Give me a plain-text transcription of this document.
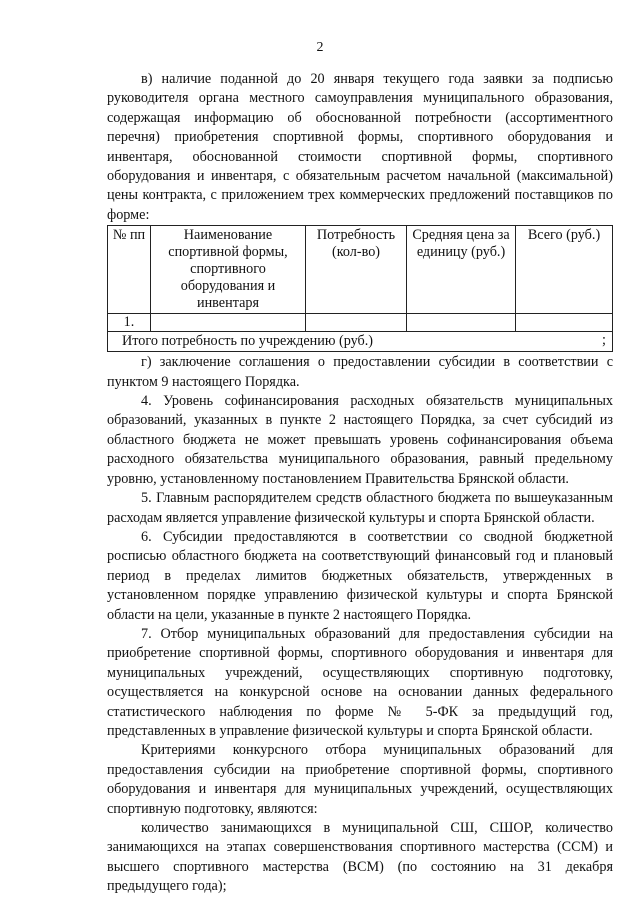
2

в) наличие поданной до 20 января текущего года заявки за подписью руководителя органа местного самоуправления муниципального образования, содержащая информацию об обоснованной потребности (ассортиментного перечня) приобретения спортивной формы, спортивного оборудования и инвентаря, обоснованной стоимости спортивной формы, спортивного оборудования и инвентаря, с обязательным расчетом начальной (максимальной) цены контракта, с приложением трех коммерческих предложений поставщиков по форме:

№ пп	Наименование спортивной формы, спортивного оборудования и инвентаря	Потребность (кол-во)	Средняя цена за единицу (руб.)	Всего (руб.)
1.				
Итого потребность по учреждению (руб.) ;				

г) заключение соглашения о предоставлении субсидии в соответствии с пунктом 9 настоящего Порядка.

4. Уровень софинансирования расходных обязательств муниципальных образований, указанных в пункте 2 настоящего Порядка, за счет субсидий из областного бюджета не может превышать уровень софинансирования объема расходного обязательства муниципального образования, равный предельному уровню, установленному постановлением Правительства Брянской области.

5. Главным распорядителем средств областного бюджета по вышеуказанным расходам является управление физической культуры и спорта Брянской области.

6. Субсидии предоставляются в соответствии со сводной бюджетной росписью областного бюджета на соответствующий финансовый год и плановый период в пределах лимитов бюджетных обязательств, утвержденных в установленном порядке управлению физической культуры и спорта Брянской области на цели, указанные в пункте 2 настоящего Порядка.

7. Отбор муниципальных образований для предоставления субсидии на приобретение спортивной формы, спортивного оборудования и инвентаря для муниципальных учреждений, осуществляющих спортивную подготовку, осуществляется на конкурсной основе на основании данных федерального статистического наблюдения по форме № 5-ФК за предыдущий год, представленных в управление физической культуры и спорта Брянской области.

Критериями конкурсного отбора муниципальных образований для предоставления субсидии на приобретение спортивной формы, спортивного оборудования и инвентаря для муниципальных учреждений, осуществляющих спортивную подготовку, являются:

количество занимающихся в муниципальной СШ, СШОР, количество занимающихся на этапах совершенствования спортивного мастерства (ССМ) и высшего спортивного мастерства (ВСМ) (по состоянию на 31 декабря предыдущего года);
